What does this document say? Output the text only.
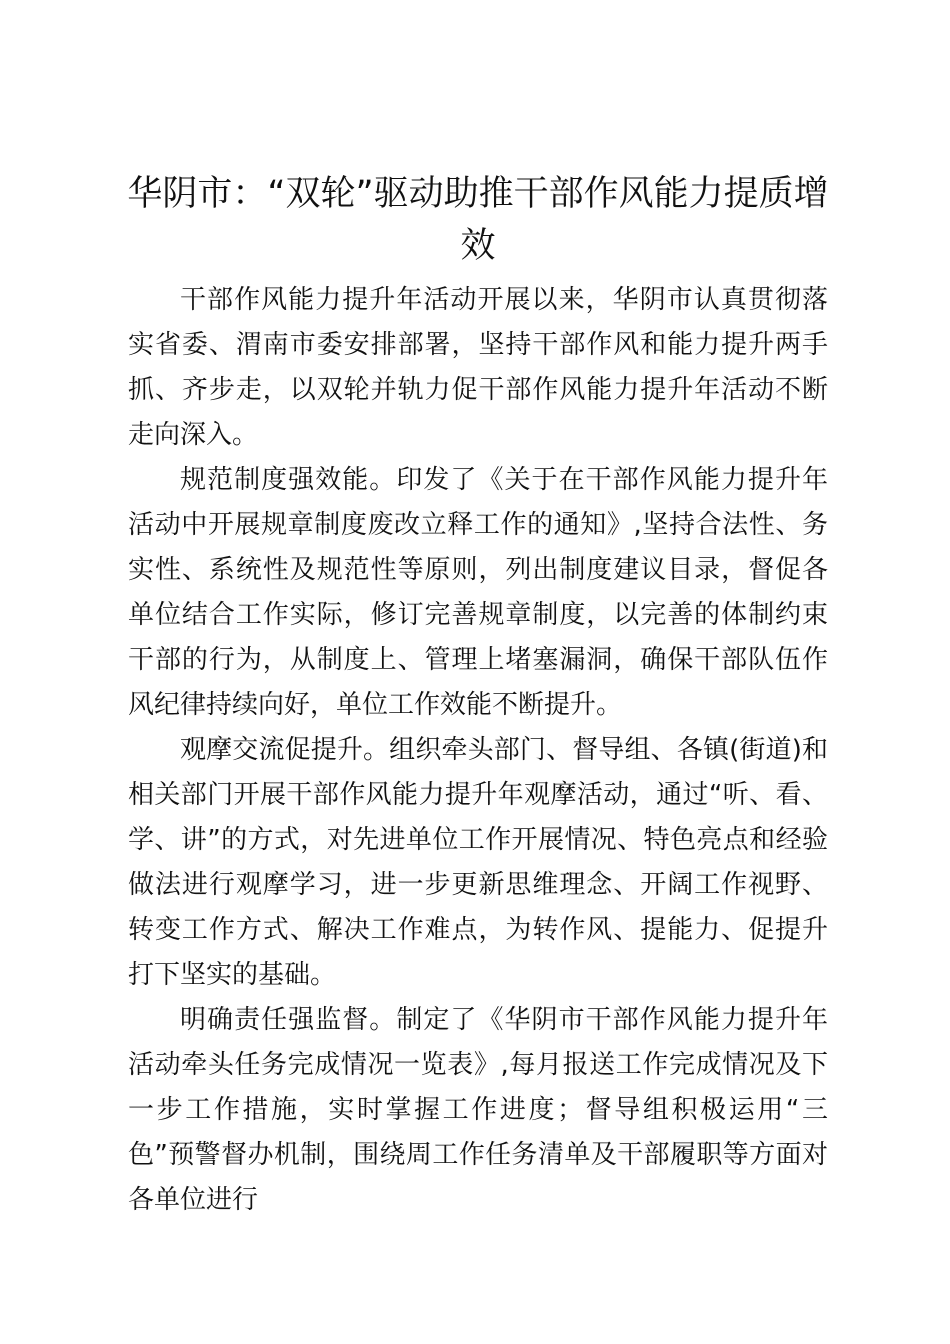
华阴市：“双轮”驱动助推干部作风能力提质增效

干部作风能力提升年活动开展以来，华阴市认真贯彻落实省委、渭南市委安排部署，坚持干部作风和能力提升两手抓、齐步走，以双轮并轨力促干部作风能力提升年活动不断走向深入。

规范制度强效能。印发了《关于在干部作风能力提升年活动中开展规章制度废改立释工作的通知》,坚持合法性、务实性、系统性及规范性等原则，列出制度建议目录，督促各单位结合工作实际，修订完善规章制度，以完善的体制约束干部的行为，从制度上、管理上堵塞漏洞，确保干部队伍作风纪律持续向好，单位工作效能不断提升。

观摩交流促提升。组织牵头部门、督导组、各镇(街道)和相关部门开展干部作风能力提升年观摩活动，通过“听、看、学、讲”的方式，对先进单位工作开展情况、特色亮点和经验做法进行观摩学习，进一步更新思维理念、开阔工作视野、转变工作方式、解决工作难点，为转作风、提能力、促提升打下坚实的基础。

明确责任强监督。制定了《华阴市干部作风能力提升年活动牵头任务完成情况一览表》,每月报送工作完成情况及下一步工作措施，实时掌握工作进度；督导组积极运用“三色”预警督办机制，围绕周工作任务清单及干部履职等方面对各单位进行
